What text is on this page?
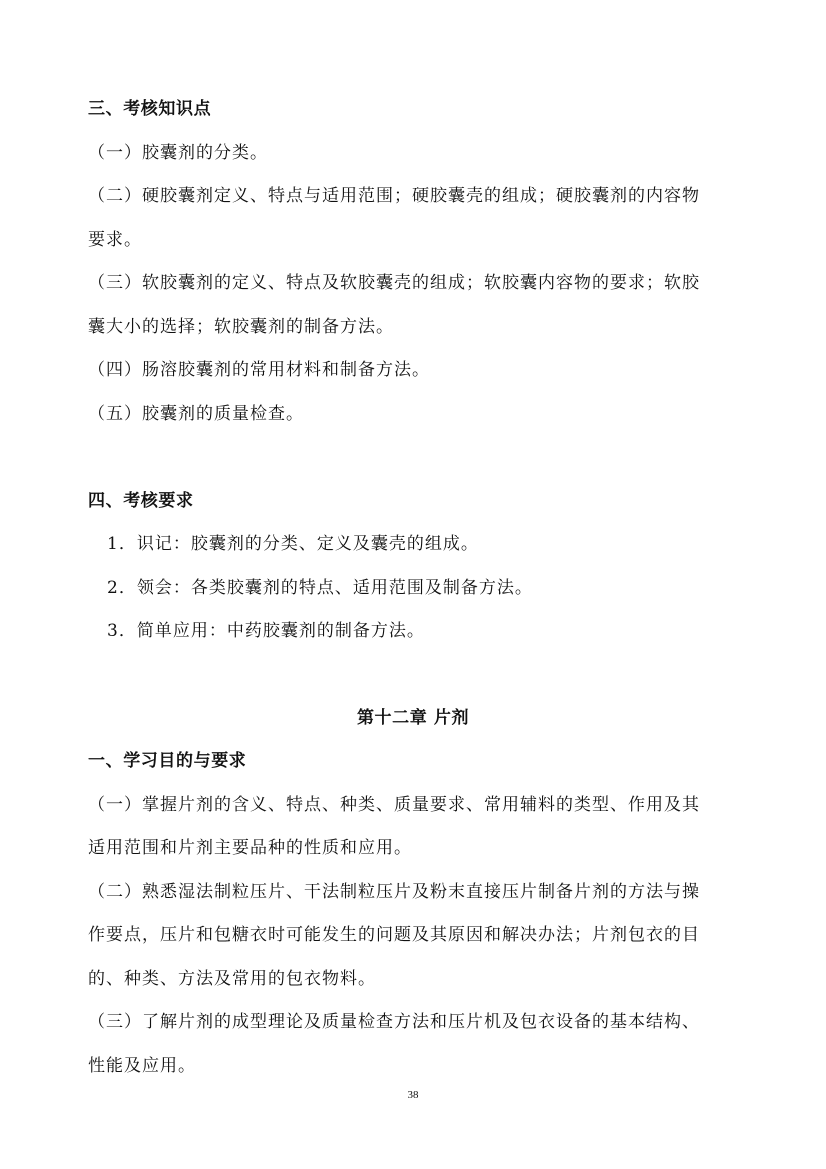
三、考核知识点
（一）胶囊剂的分类。
（二）硬胶囊剂定义、特点与适用范围；硬胶囊壳的组成；硬胶囊剂的内容物
要求。
（三）软胶囊剂的定义、特点及软胶囊壳的组成；软胶囊内容物的要求；软胶
囊大小的选择；软胶囊剂的制备方法。
（四）肠溶胶囊剂的常用材料和制备方法。
（五）胶囊剂的质量检查。
四、考核要求
1．识记：胶囊剂的分类、定义及囊壳的组成。
2．领会：各类胶囊剂的特点、适用范围及制备方法。
3．简单应用：中药胶囊剂的制备方法。
第十二章 片剂
一、学习目的与要求
（一）掌握片剂的含义、特点、种类、质量要求、常用辅料的类型、作用及其
适用范围和片剂主要品种的性质和应用。
（二）熟悉湿法制粒压片、干法制粒压片及粉末直接压片制备片剂的方法与操
作要点，压片和包糖衣时可能发生的问题及其原因和解决办法；片剂包衣的目
的、种类、方法及常用的包衣物料。
（三）了解片剂的成型理论及质量检查方法和压片机及包衣设备的基本结构、
性能及应用。
38
